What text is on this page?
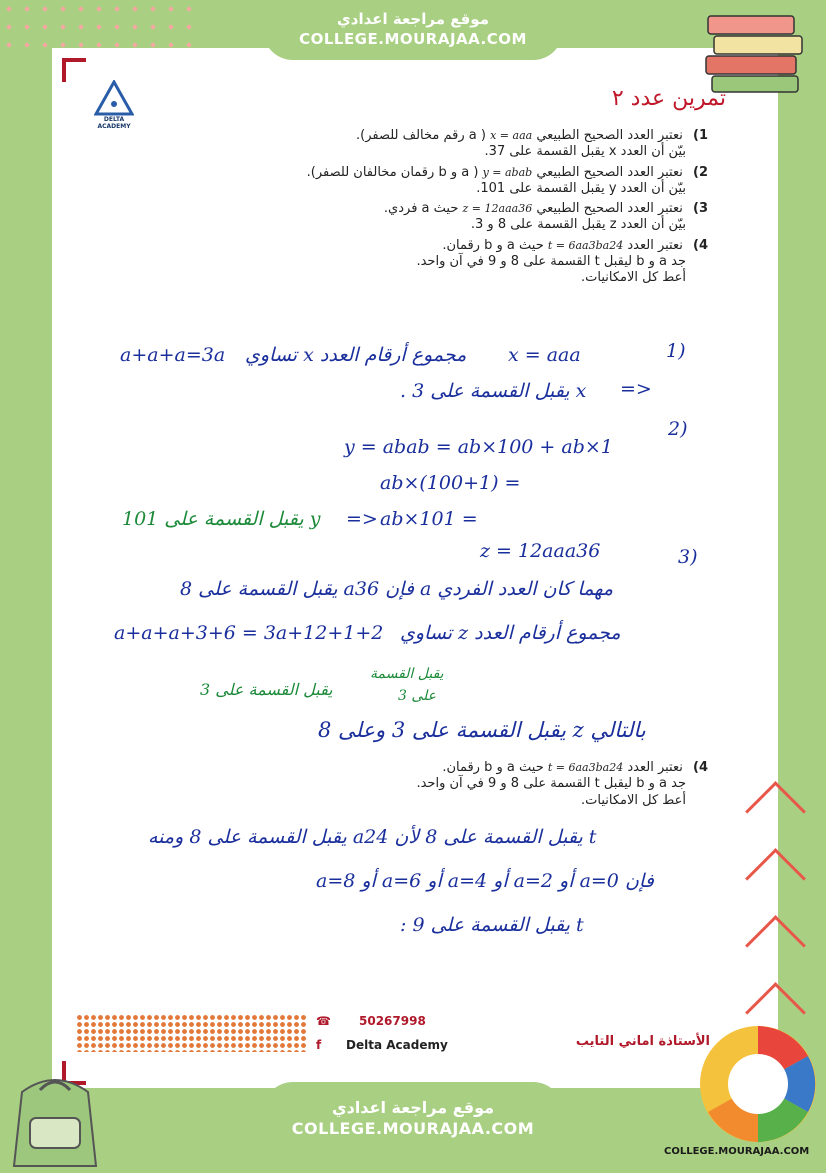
موقع مراجعة اعدادي
COLLEGE.MOURAJAA.COM
DELTA ACADEMY
تمرين عدد ٢
1) نعتبر العدد الصحيح الطبيعي x = aaa ( a رقم مخالف للصفر).
بيّن أن العدد x يقبل القسمة على 37.
2) نعتبر العدد الصحيح الطبيعي y = abab ( a و b رقمان مخالفان للصفر).
بيّن أن العدد y يقبل القسمة على 101.
3) نعتبر العدد الصحيح الطبيعي z = 12aaa36 حيث a فردي.
بيّن أن العدد z يقبل القسمة على 8 و 3.
4) نعتبر العدد t = 6aa3ba24 حيث a و b رقمان.
جد a و b ليقبل t القسمة على 8 و 9 في آن واحد.
أعط كل الامكانيات.
(1
x = aaa
مجموع أرقام العدد x تساوي
a+a+a=3a
x يقبل القسمة على 3 . <=
(2
y = abab = ab×100 + ab×1
= ab×(100+1)
= ab×101
y يقبل القسمة على 101 <=
(3
z = 12aaa36
مهما كان العدد الفردي a فإن a36 يقبل القسمة على 8
مجموع أرقام العدد z تساوي
1+2+a+a+a+3+6 = 3a+12
يقبل القسمة
على 3
يقبل القسمة على 3
بالتالي z يقبل القسمة على 3 وعلى 8
4) نعتبر العدد t = 6aa3ba24 حيث a و b رقمان.
جد a و b ليقبل t القسمة على 8 و 9 في آن واحد.
أعط كل الامكانيات.
t يقبل القسمة على 8 لأن a24 يقبل القسمة على 8 ومنه
فإن a=0 أو a=2 أو a=4 أو a=6 أو a=8
t يقبل القسمة على 9 :
☎ 50267998
f Delta Academy	الأستاذة اماني التايب
COLLEGE.MOURAJAA.COM
موقع مراجعة اعدادي
COLLEGE.MOURAJAA.COM
